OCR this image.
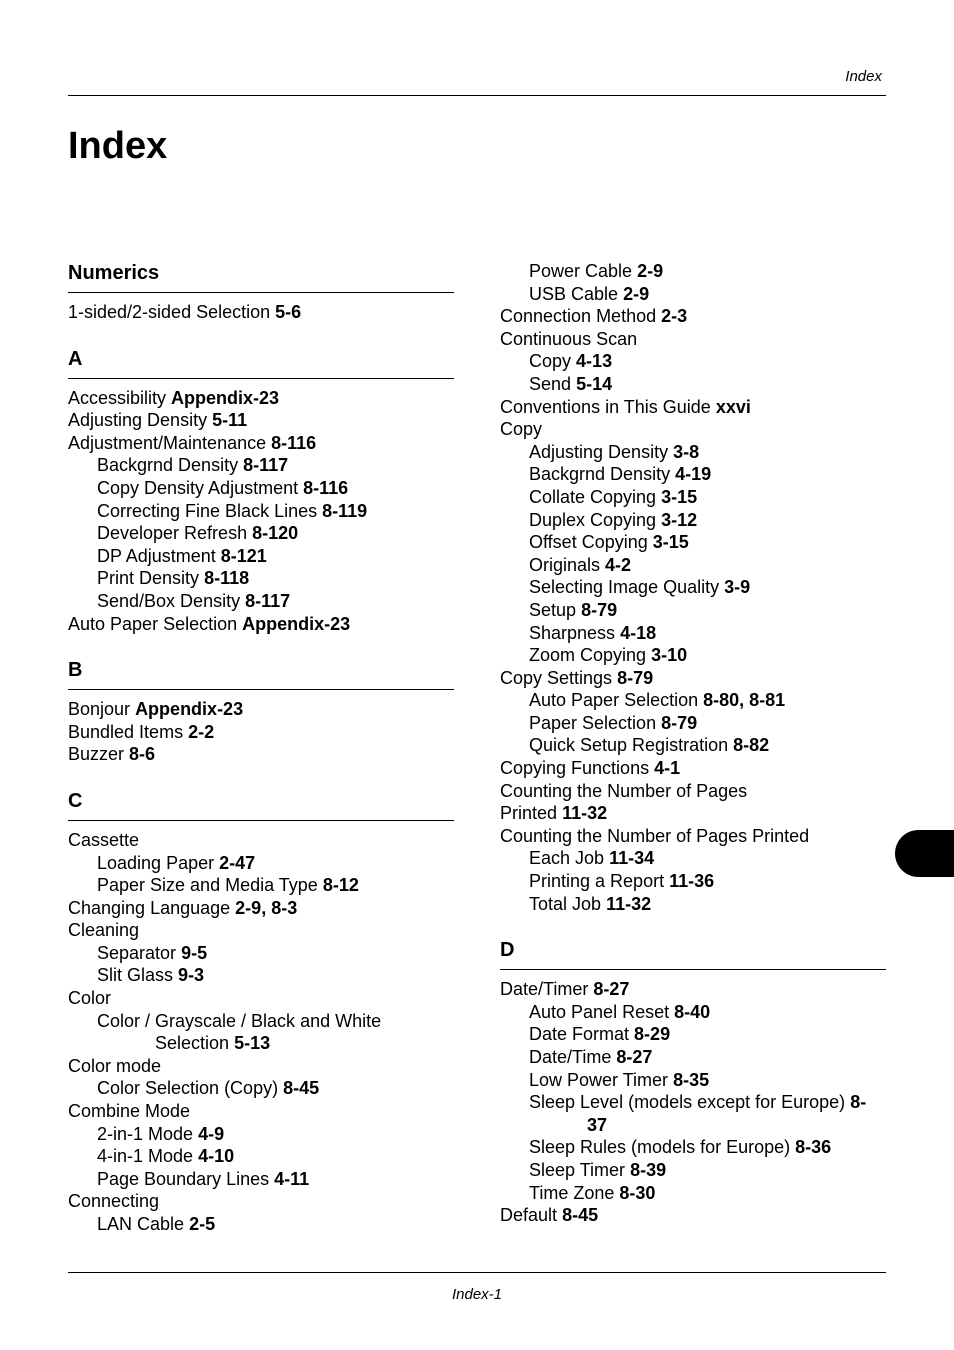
Index
Index
Numerics
1-sided/2-sided Selection 5-6
A
Accessibility Appendix-23
Adjusting Density 5-11
Adjustment/Maintenance 8-116
Backgrnd Density 8-117
Copy Density Adjustment 8-116
Correcting Fine Black Lines 8-119
Developer Refresh 8-120
DP Adjustment 8-121
Print Density 8-118
Send/Box Density 8-117
Auto Paper Selection Appendix-23
B
Bonjour Appendix-23
Bundled Items 2-2
Buzzer 8-6
C
Cassette
Loading Paper 2-47
Paper Size and Media Type 8-12
Changing Language 2-9, 8-3
Cleaning
Separator 9-5
Slit Glass 9-3
Color
Color / Grayscale / Black and White
Selection 5-13
Color mode
Color Selection (Copy) 8-45
Combine Mode
2-in-1 Mode 4-9
4-in-1 Mode 4-10
Page Boundary Lines 4-11
Connecting
LAN Cable 2-5
Power Cable 2-9
USB Cable 2-9
Connection Method 2-3
Continuous Scan
Copy 4-13
Send 5-14
Conventions in This Guide xxvi
Copy
Adjusting Density 3-8
Backgrnd Density 4-19
Collate Copying 3-15
Duplex Copying 3-12
Offset Copying 3-15
Originals 4-2
Selecting Image Quality 3-9
Setup 8-79
Sharpness 4-18
Zoom Copying 3-10
Copy Settings 8-79
Auto Paper Selection 8-80, 8-81
Paper Selection 8-79
Quick Setup Registration 8-82
Copying Functions 4-1
Counting the Number of Pages
Printed 11-32
Counting the Number of Pages Printed
Each Job 11-34
Printing a Report 11-36
Total Job 11-32
D
Date/Timer 8-27
Auto Panel Reset 8-40
Date Format 8-29
Date/Time 8-27
Low Power Timer 8-35
Sleep Level (models except for Europe) 8-
37
Sleep Rules (models for Europe) 8-36
Sleep Timer 8-39
Time Zone 8-30
Default 8-45
Index-1
